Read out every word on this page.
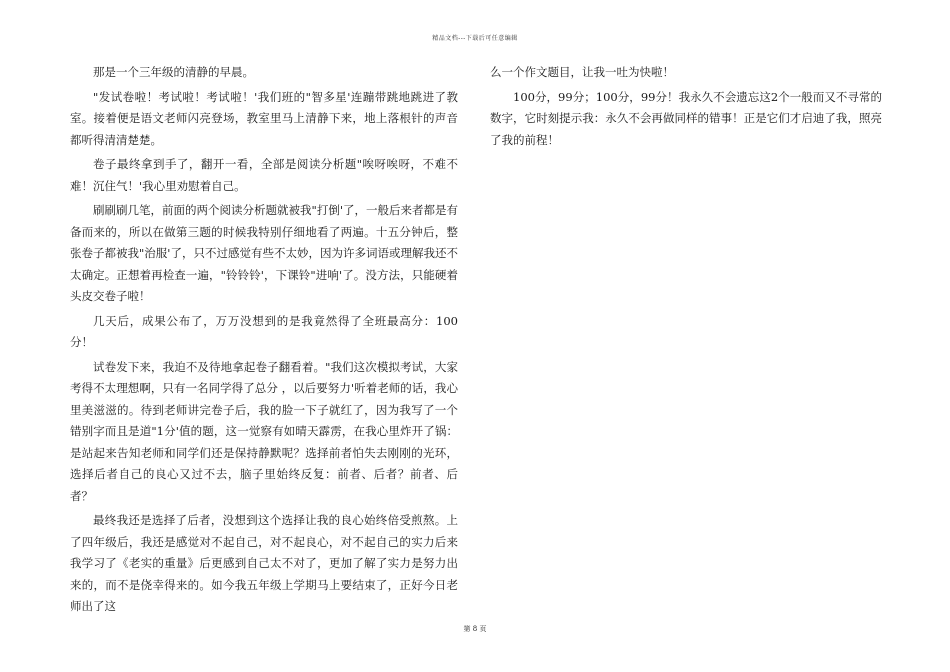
精品文档---下载后可任意编辑

那是一个三年级的清静的早晨。

"发试卷啦！考试啦！考试啦！'我们班的"智多星'连蹦带跳地跳进了教室。接着便是语文老师闪亮登场，教室里马上清静下来，地上落根针的声音都听得清清楚楚。

卷子最终拿到手了，翻开一看，全部是阅读分析题"唉呀唉呀，不难不难！沉住气！'我心里劝慰着自己。

刷刷刷几笔，前面的两个阅读分析题就被我"打倒'了，一般后来者都是有备而来的，所以在做第三题的时候我特别仔细地看了两遍。十五分钟后，整张卷子都被我"治服'了，只不过感觉有些不太妙，因为许多词语或理解我还不太确定。正想着再检查一遍，"铃铃铃'，下课铃"进响'了。没方法，只能硬着头皮交卷子啦！

几天后，成果公布了，万万没想到的是我竟然得了全班最高分：100分！

试卷发下来，我迫不及待地拿起卷子翻看着。"我们这次模拟考试，大家考得不太理想啊，只有一名同学得了总分 ，以后要努力'听着老师的话，我心里美滋滋的。待到老师讲完卷子后，我的脸一下子就红了，因为我写了一个错别字而且是道"1分'值的题，这一觉察有如晴天霹雳，在我心里炸开了锅：是站起来告知老师和同学们还是保持静默呢？选择前者怕失去刚刚的光环，选择后者自己的良心又过不去，脑子里始终反复：前者、后者？前者、后者？

最终我还是选择了后者，没想到这个选择让我的良心始终倍受煎熬。上了四年级后，我还是感觉对不起自己，对不起良心，对不起自己的实力后来我学习了《老实的重量》后更感到自己太不对了，更加了解了实力是努力出来的，而不是侥幸得来的。如今我五年级上学期马上要结束了，正好今日老师出了这

么一个作文题目，让我一吐为快啦！

100分，99分；100分，99分！我永久不会遗忘这2个一般而又不寻常的数字，它时刻提示我：永久不会再做同样的错事！正是它们才启迪了我，照亮了我的前程！

第 8 页
